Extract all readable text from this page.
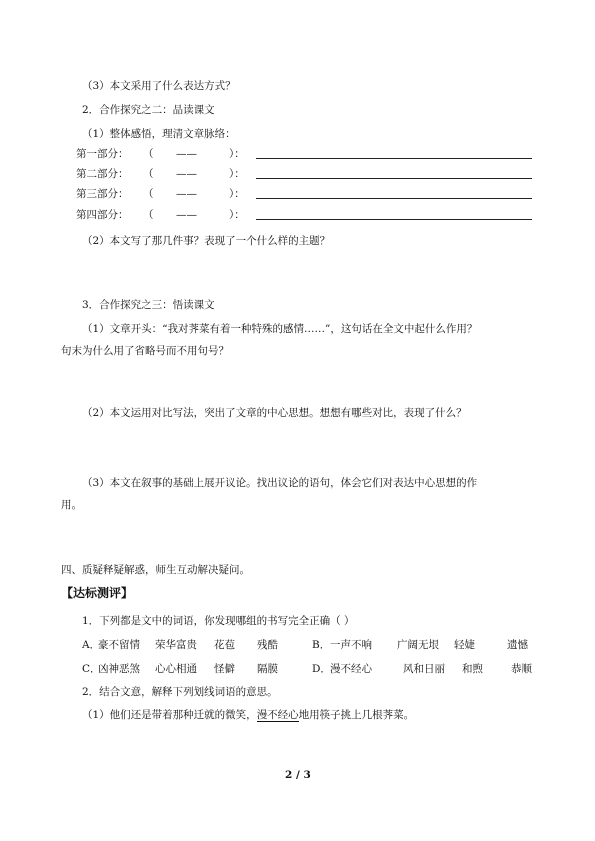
（3）本文采用了什么表达方式？
2．合作探究之二：品读课文
（1）整体感悟，理清文章脉络：
第一部分： （ ——	）：
第二部分： （ ——	）：
第三部分： （ ——	）：
第四部分： （ ——	）：
（2）本文写了那几件事？表现了一个什么样的主题？
3．合作探究之三：悟读课文
（1）文章开头：“我对荠菜有着一种特殊的感情……”，这句话在全文中起什么作用？
句末为什么用了省略号而不用句号？
（2）本文运用对比写法，突出了文章的中心思想。想想有哪些对比，表现了什么？
（3）本文在叙事的基础上展开议论。找出议论的语句，体会它们对表达中心思想的作
用。
四、质疑释疑解惑，师生互动解决疑问。
【达标测评】
1．下列都是文中的词语，你发现哪组的书写完全正确（ ）
A．
豪不留情 荣华富贵 花苞 残酷	B． 一声不响 广阔无垠 轻婕	遗憾
C．
凶神恶煞 心心相通 怪僻 隔膜	D． 漫不经心	风和日丽 和煦	恭顺
2．结合文意，解释下列划线词语的意思。
（1）他们还是带着那种迁就的微笑，漫不经心地用筷子挑上几根荠菜。
2 / 3
